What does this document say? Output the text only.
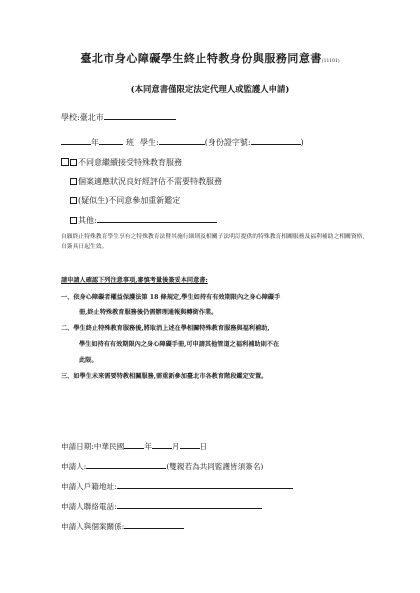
臺北市身心障礙學生終止特教身份與服務同意書(11101)
(本同意書僅限定法定代理人或監護人申請)
學校:臺北市
年	班 學生:	(身份證字號:	)
不同意繼續接受特殊教育服務
個案適應狀況良好經評估不需要特教服務
(疑似生)不同意參加重新鑑定
其他:
自願終止特殊教育學生享有之特殊教育法暨其施行細則及相關子法明訂提供的特殊教育相關服務及福利補助之相關資格,自簽具日起生效。
請申請人確認下列注意事項,審慎考量後簽妥本同意書:
一、依身心障礙者權益保護法第 18 條規定,學生如持有有效期限內之身心障礙手
冊,終止特殊教育服務後仍需辦理通報與轉銜作業。
二、學生終止特殊教育服務後,將取消上述在學相關特殊教育服務與福利補助,
學生如持有有效期限內之身心障礙手冊,可申請其他管道之福利補助則不在
此限。
三、如學生未來需要特教相關服務,需重新參加臺北市各教育階段鑑定安置。
申請日期:中華民國	年	月	日
申請人:	(雙親若為共同監護皆須簽名)
申請人戶籍地址:
申請人聯絡電話:
申請人與個案關係:
